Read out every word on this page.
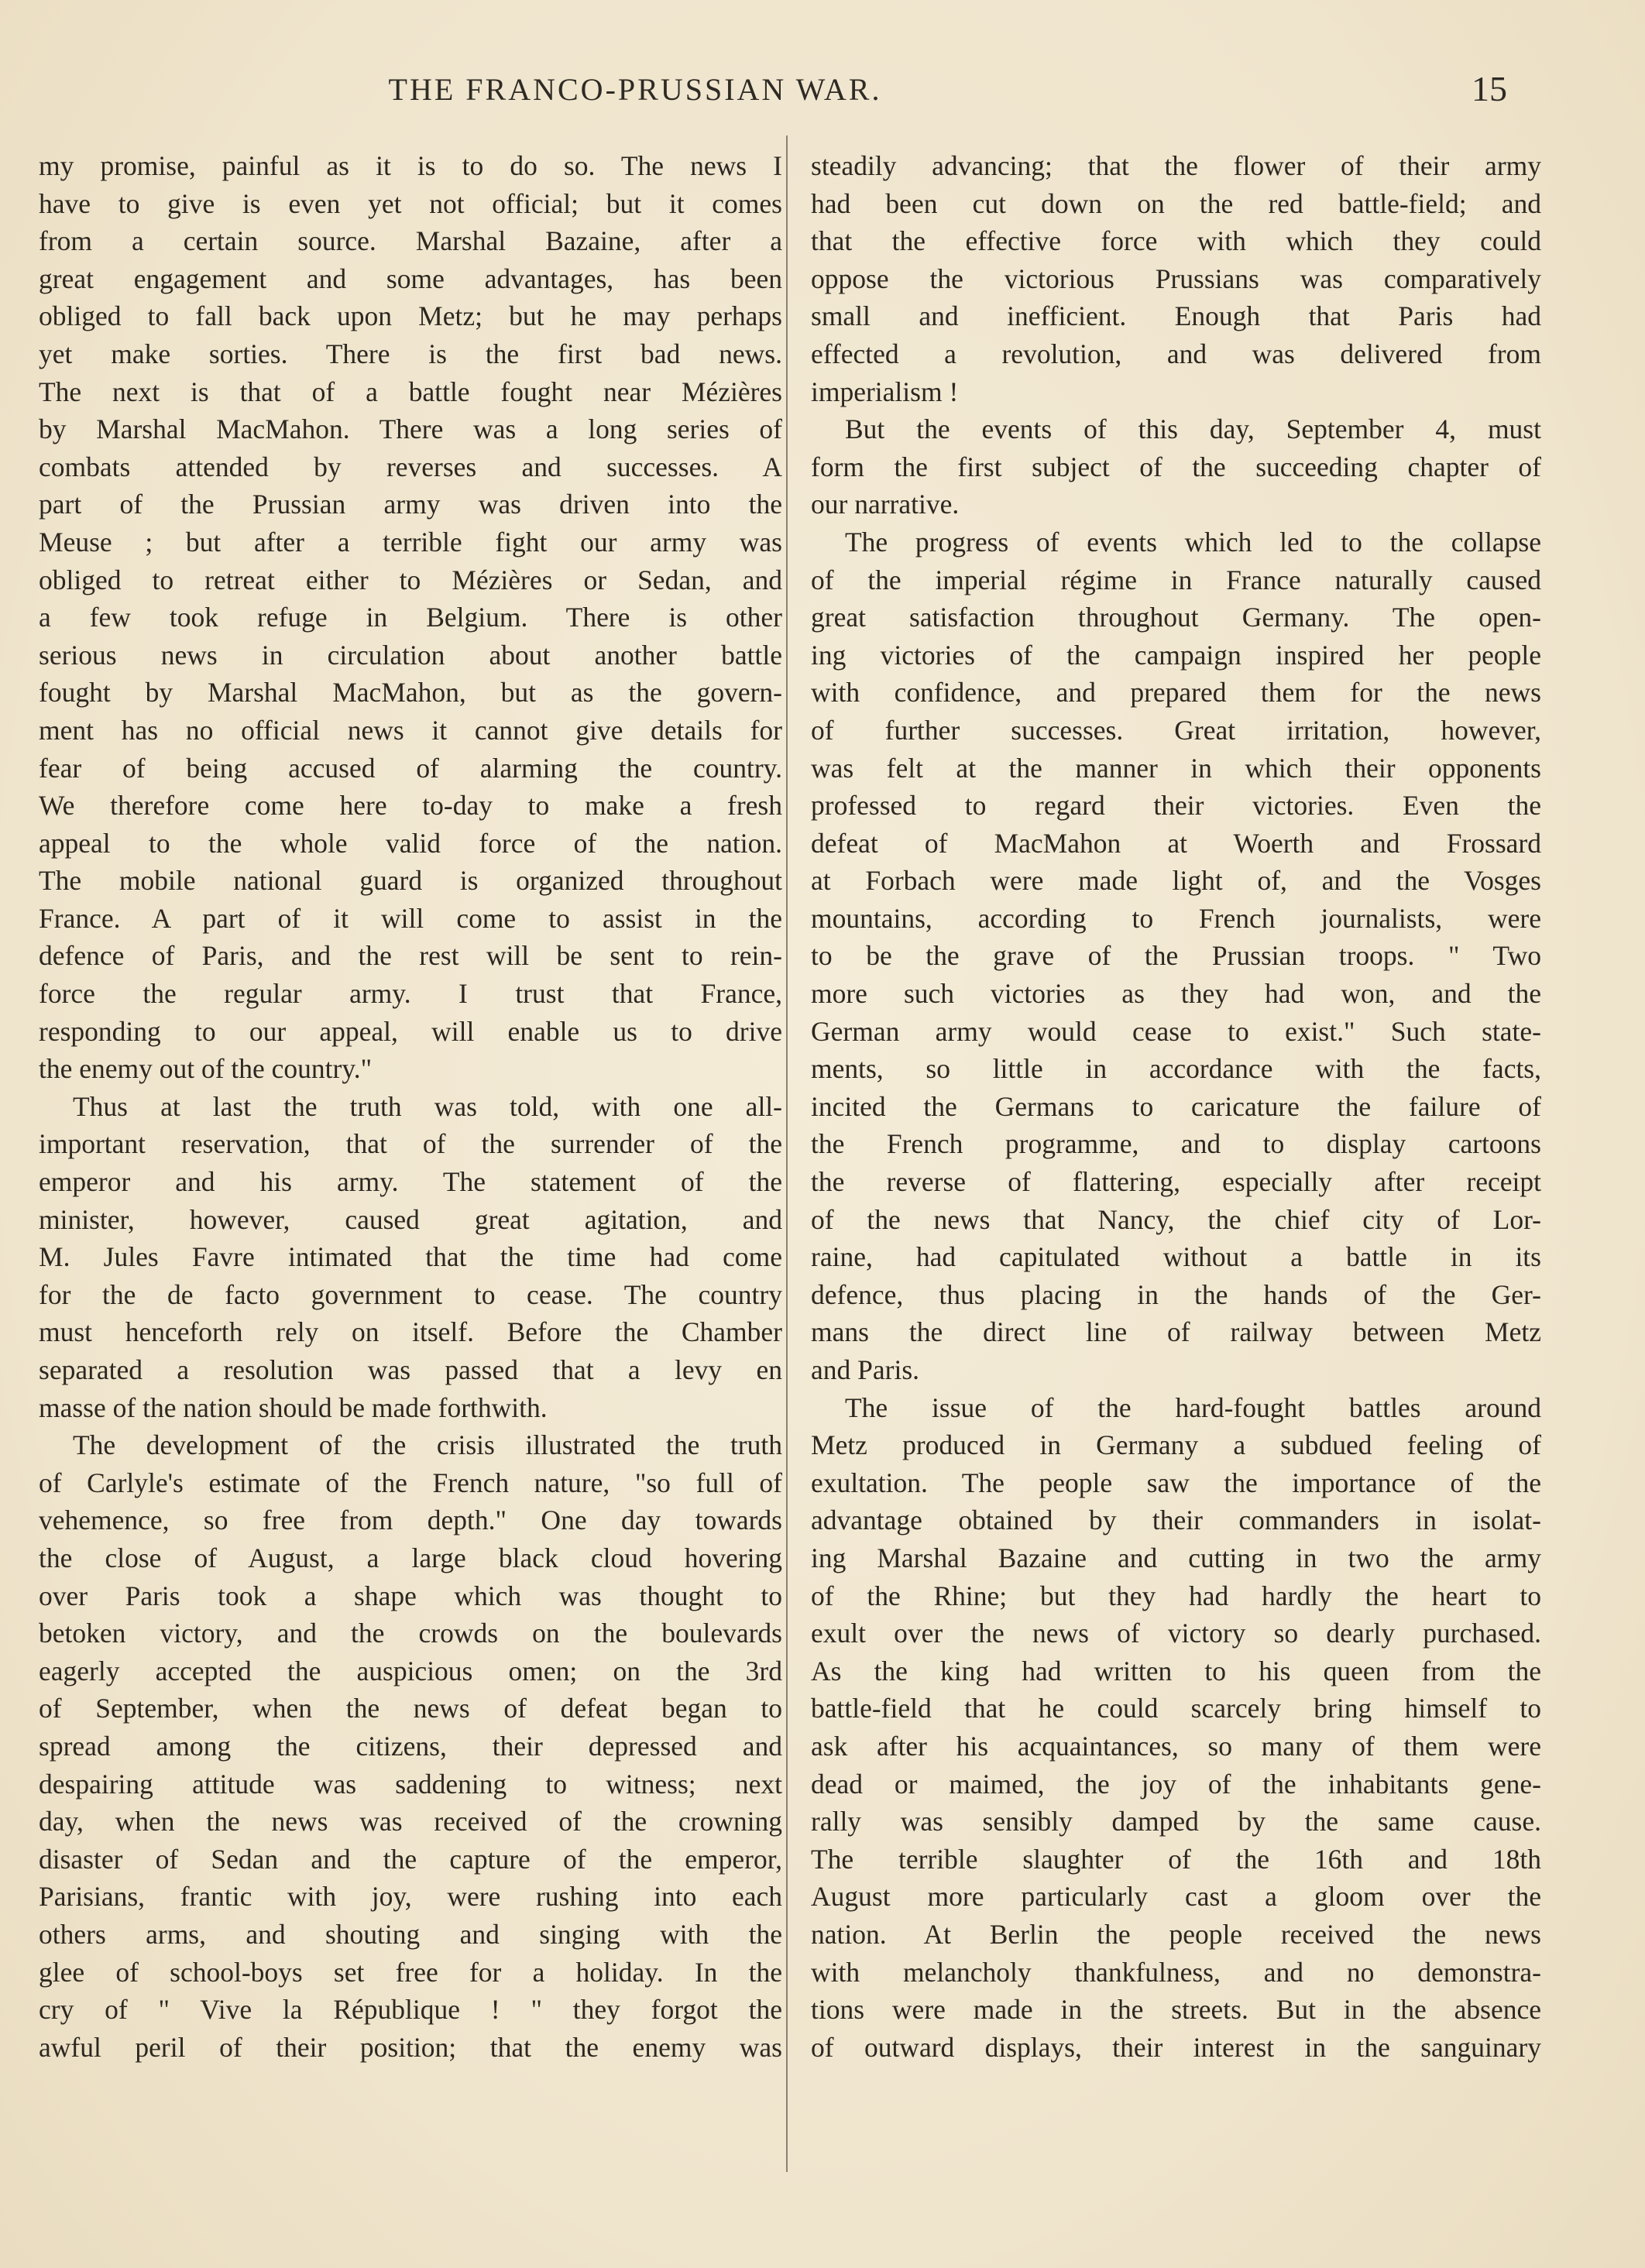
THE FRANCO-PRUSSIAN WAR.	15
my promise, painful as it is to do so. The news I
have to give is even yet not official; but it comes
from a certain source. Marshal Bazaine, after a
great engagement and some advantages, has been
obliged to fall back upon Metz; but he may perhaps
yet make sorties. There is the first bad news.
The next is that of a battle fought near Mézières
by Marshal MacMahon. There was a long series of
combats attended by reverses and successes. A
part of the Prussian army was driven into the
Meuse ; but after a terrible fight our army was
obliged to retreat either to Mézières or Sedan, and
a few took refuge in Belgium. There is other
serious news in circulation about another battle
fought by Marshal MacMahon, but as the govern-
ment has no official news it cannot give details for
fear of being accused of alarming the country.
We therefore come here to-day to make a fresh
appeal to the whole valid force of the nation.
The mobile national guard is organized throughout
France. A part of it will come to assist in the
defence of Paris, and the rest will be sent to rein-
force the regular army. I trust that France,
responding to our appeal, will enable us to drive
the enemy out of the country."
Thus at last the truth was told, with one all-
important reservation, that of the surrender of the
emperor and his army. The statement of the
minister, however, caused great agitation, and
M. Jules Favre intimated that the time had come
for the de facto government to cease. The country
must henceforth rely on itself. Before the Chamber
separated a resolution was passed that a levy en
masse of the nation should be made forthwith.
The development of the crisis illustrated the truth
of Carlyle's estimate of the French nature, "so full of
vehemence, so free from depth." One day towards
the close of August, a large black cloud hovering
over Paris took a shape which was thought to
betoken victory, and the crowds on the boulevards
eagerly accepted the auspicious omen; on the 3rd
of September, when the news of defeat began to
spread among the citizens, their depressed and
despairing attitude was saddening to witness; next
day, when the news was received of the crowning
disaster of Sedan and the capture of the emperor,
Parisians, frantic with joy, were rushing into each
others arms, and shouting and singing with the
glee of school-boys set free for a holiday. In the
cry of " Vive la République ! " they forgot the
awful peril of their position; that the enemy was
steadily advancing; that the flower of their army
had been cut down on the red battle-field; and
that the effective force with which they could
oppose the victorious Prussians was comparatively
small and inefficient. Enough that Paris had
effected a revolution, and was delivered from
imperialism !
But the events of this day, September 4, must
form the first subject of the succeeding chapter of
our narrative.
The progress of events which led to the collapse
of the imperial régime in France naturally caused
great satisfaction throughout Germany. The open-
ing victories of the campaign inspired her people
with confidence, and prepared them for the news
of further successes. Great irritation, however,
was felt at the manner in which their opponents
professed to regard their victories. Even the
defeat of MacMahon at Woerth and Frossard
at Forbach were made light of, and the Vosges
mountains, according to French journalists, were
to be the grave of the Prussian troops. " Two
more such victories as they had won, and the
German army would cease to exist." Such state-
ments, so little in accordance with the facts,
incited the Germans to caricature the failure of
the French programme, and to display cartoons
the reverse of flattering, especially after receipt
of the news that Nancy, the chief city of Lor-
raine, had capitulated without a battle in its
defence, thus placing in the hands of the Ger-
mans the direct line of railway between Metz
and Paris.
The issue of the hard-fought battles around
Metz produced in Germany a subdued feeling of
exultation. The people saw the importance of the
advantage obtained by their commanders in isolat-
ing Marshal Bazaine and cutting in two the army
of the Rhine; but they had hardly the heart to
exult over the news of victory so dearly purchased.
As the king had written to his queen from the
battle-field that he could scarcely bring himself to
ask after his acquaintances, so many of them were
dead or maimed, the joy of the inhabitants gene-
rally was sensibly damped by the same cause.
The terrible slaughter of the 16th and 18th
August more particularly cast a gloom over the
nation. At Berlin the people received the news
with melancholy thankfulness, and no demonstra-
tions were made in the streets. But in the absence
of outward displays, their interest in the sanguinary
